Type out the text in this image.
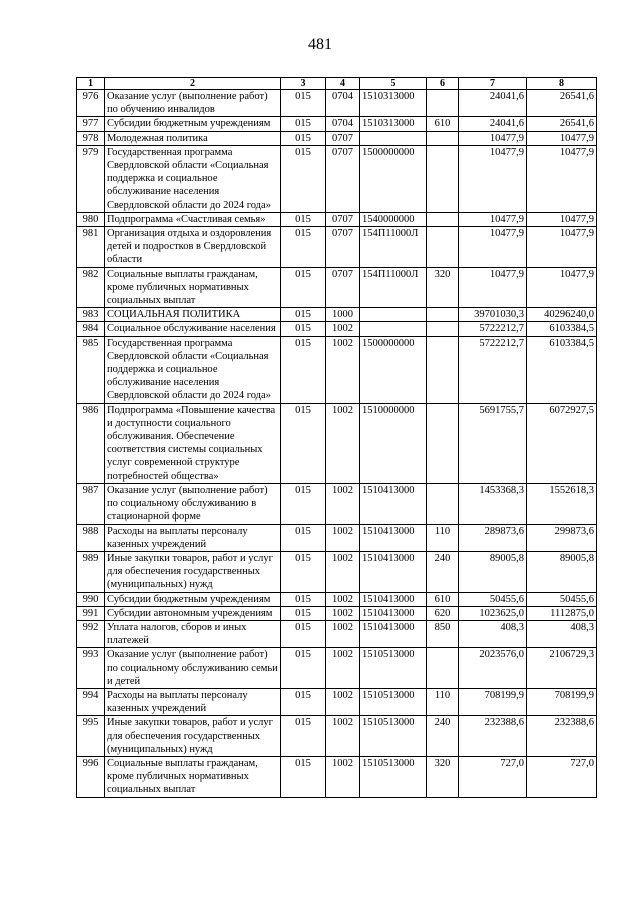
481
1	2	3	4	5	6	7	8
976	Оказание услуг (выполнение работ) по обучению инвалидов	015	0704	1510313000		24041,6	26541,6
977	Субсидии бюджетным учреждениям	015	0704	1510313000	610	24041,6	26541,6
978	Молодежная политика	015	0707			10477,9	10477,9
979	Государственная программа Свердловской области «Социальная поддержка и социальное обслуживание населения Свердловской области до 2024 года»	015	0707	1500000000		10477,9	10477,9
980	Подпрограмма «Счастливая семья»	015	0707	1540000000		10477,9	10477,9
981	Организация отдыха и оздоровления детей и подростков в Свердловской области	015	0707	154П11000Л		10477,9	10477,9
982	Социальные выплаты гражданам, кроме публичных нормативных социальных выплат	015	0707	154П11000Л	320	10477,9	10477,9
983	СОЦИАЛЬНАЯ ПОЛИТИКА	015	1000			39701030,3	40296240,0
984	Социальное обслуживание населения	015	1002			5722212,7	6103384,5
985	Государственная программа Свердловской области «Социальная поддержка и социальное обслуживание населения Свердловской области до 2024 года»	015	1002	1500000000		5722212,7	6103384,5
986	Подпрограмма «Повышение качества и доступности социального обслуживания. Обеспечение соответствия системы социальных услуг современной структуре потребностей общества»	015	1002	1510000000		5691755,7	6072927,5
987	Оказание услуг (выполнение работ) по социальному обслуживанию в стационарной форме	015	1002	1510413000		1453368,3	1552618,3
988	Расходы на выплаты персоналу казенных учреждений	015	1002	1510413000	110	289873,6	299873,6
989	Иные закупки товаров, работ и услуг для обеспечения государственных (муниципальных) нужд	015	1002	1510413000	240	89005,8	89005,8
990	Субсидии бюджетным учреждениям	015	1002	1510413000	610	50455,6	50455,6
991	Субсидии автономным учреждениям	015	1002	1510413000	620	1023625,0	1112875,0
992	Уплата налогов, сборов и иных платежей	015	1002	1510413000	850	408,3	408,3
993	Оказание услуг (выполнение работ) по социальному обслуживанию семьи и детей	015	1002	1510513000		2023576,0	2106729,3
994	Расходы на выплаты персоналу казенных учреждений	015	1002	1510513000	110	708199,9	708199,9
995	Иные закупки товаров, работ и услуг для обеспечения государственных (муниципальных) нужд	015	1002	1510513000	240	232388,6	232388,6
996	Социальные выплаты гражданам, кроме публичных нормативных социальных выплат	015	1002	1510513000	320	727,0	727,0
